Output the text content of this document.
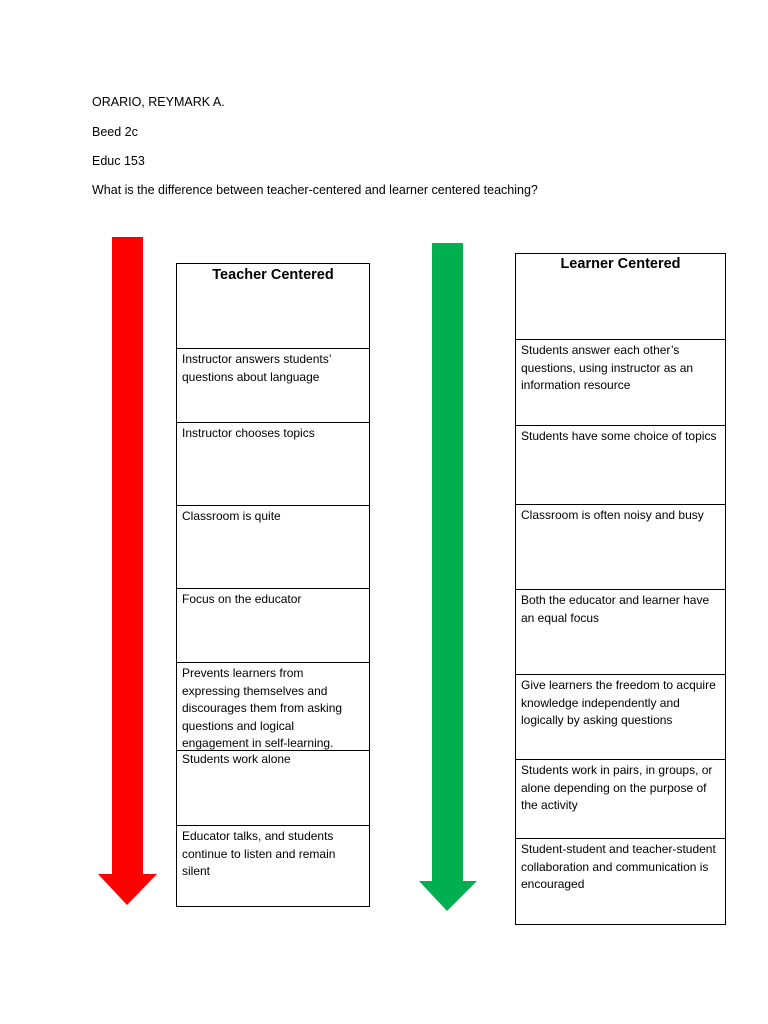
ORARIO, REYMARK A.
Beed 2c
Educ 153
What is the difference between teacher-centered and learner centered teaching?
Teacher Centered
Instructor answers students’ questions about language
Instructor chooses topics
Classroom is quite
Focus on the educator
Prevents learners from expressing themselves and discourages them from asking questions and logical engagement in self-learning.
Students work alone
Educator talks, and students continue to listen and remain silent
Learner Centered
Students answer each other’s questions, using instructor as an information resource
Students have some choice of topics
Classroom is often noisy and busy
Both the educator and learner have an equal focus
Give learners the freedom to acquire knowledge independently and logically by asking questions
Students work in pairs, in groups, or alone depending on the purpose of the activity
Student-student and teacher-student collaboration and communication is encouraged
